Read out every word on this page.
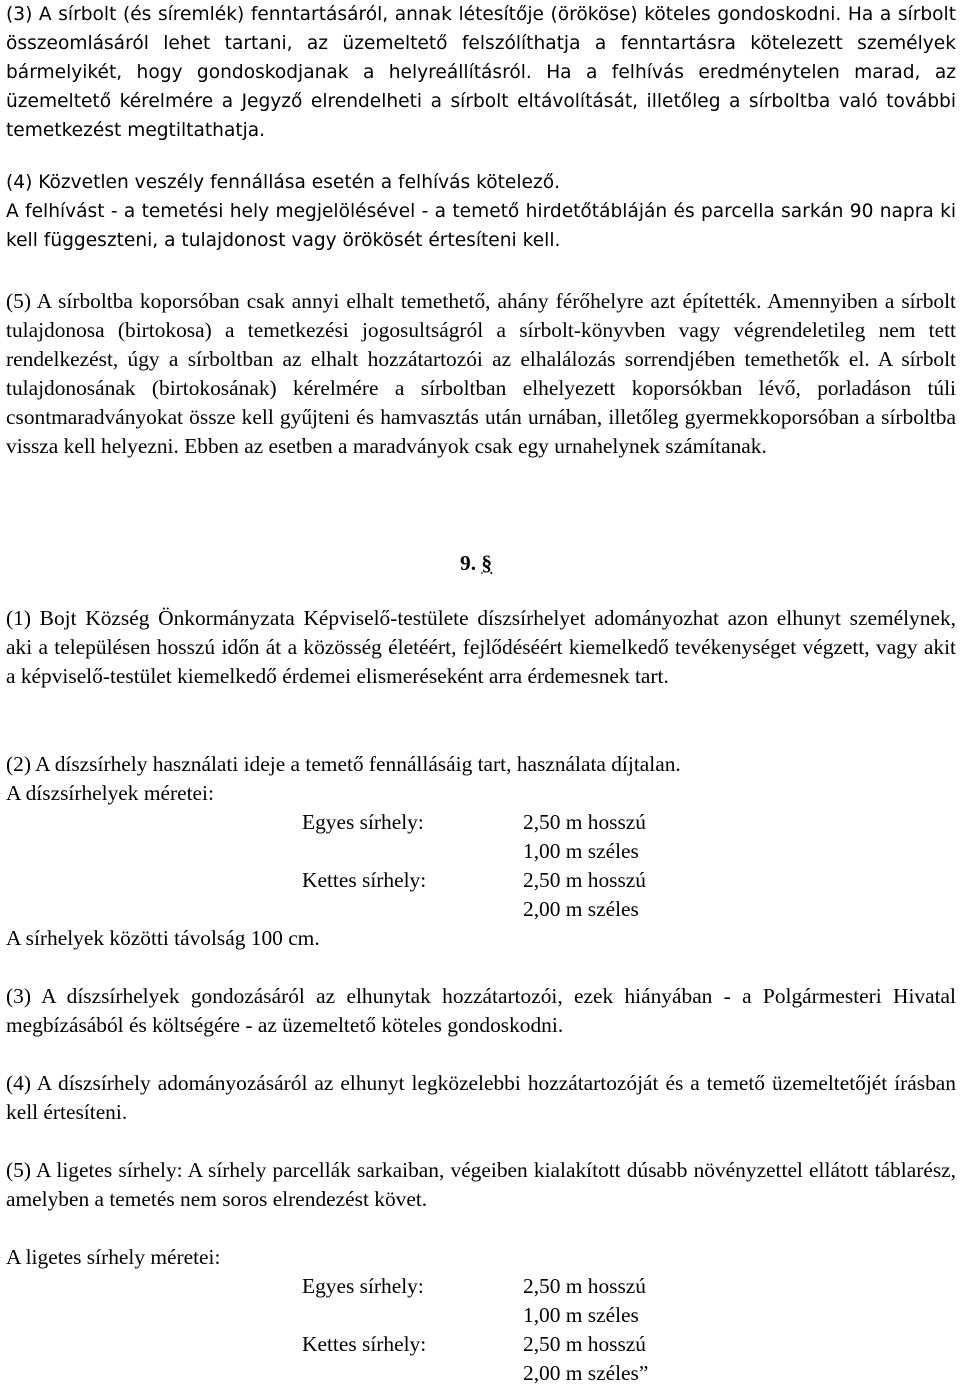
(3) A sírbolt (és síremlék) fenntartásáról, annak létesítője (örököse) köteles gondoskodni. Ha a sírbolt összeomlásáról lehet tartani, az üzemeltető felszólíthatja a fenntartásra kötelezett személyek bármelyikét, hogy gondoskodjanak a helyreállításról. Ha a felhívás eredménytelen marad, az üzemeltető kérelmére a Jegyző elrendelheti a sírbolt eltávolítását, illetőleg a sírboltba való további temetkezést megtiltathatja.

(4) Közvetlen veszély fennállása esetén a felhívás kötelező.

A felhívást - a temetési hely megjelölésével - a temető hirdetőtábláján és parcella sarkán 90 napra ki kell függeszteni, a tulajdonost vagy örökösét értesíteni kell.

(5) A sírboltba koporsóban csak annyi elhalt temethető, ahány férőhelyre azt építették. Amennyiben a sírbolt tulajdonosa (birtokosa) a temetkezési jogosultságról a sírbolt-könyvben vagy végrendeletileg nem tett rendelkezést, úgy a sírboltban az elhalt hozzátartozói az elhalálozás sorrendjében temethetők el. A sírbolt tulajdonosának (birtokosának) kérelmére a sírboltban elhelyezett koporsókban lévő, porladáson túli csontmaradványokat össze kell gyűjteni és hamvasztás után urnában, illetőleg gyermekkoporsóban a sírboltba vissza kell helyezni. Ebben az esetben a maradványok csak egy urnahelynek számítanak.

9. §

(1) Bojt Község Önkormányzata Képviselő-testülete díszsírhelyet adományozhat azon elhunyt személynek, aki a településen hosszú időn át a közösség életéért, fejlődéséért kiemelkedő tevékenységet végzett, vagy akit a képviselő-testület kiemelkedő érdemei elismeréseként arra érdemesnek tart.

(2) A díszsírhely használati ideje a temető fennállásáig tart, használata díjtalan.

A díszsírhelyek méretei:

Egyes sírhely:	2,50 m hosszú
1,00 m széles
Kettes sírhely:	2,50 m hosszú
2,00 m széles

A sírhelyek közötti távolság 100 cm.

(3) A díszsírhelyek gondozásáról az elhunytak hozzátartozói, ezek hiányában - a Polgármesteri Hivatal megbízásából és költségére - az üzemeltető köteles gondoskodni.

(4) A díszsírhely adományozásáról az elhunyt legközelebbi hozzátartozóját és a temető üzemeltetőjét írásban kell értesíteni.

(5) A ligetes sírhely: A sírhely parcellák sarkaiban, végeiben kialakított dúsabb növényzettel ellátott táblarész, amelyben a temetés nem soros elrendezést követ.

A ligetes sírhely méretei:

Egyes sírhely:	2,50 m hosszú
1,00 m széles
Kettes sírhely:	2,50 m hosszú
2,00 m széles”
